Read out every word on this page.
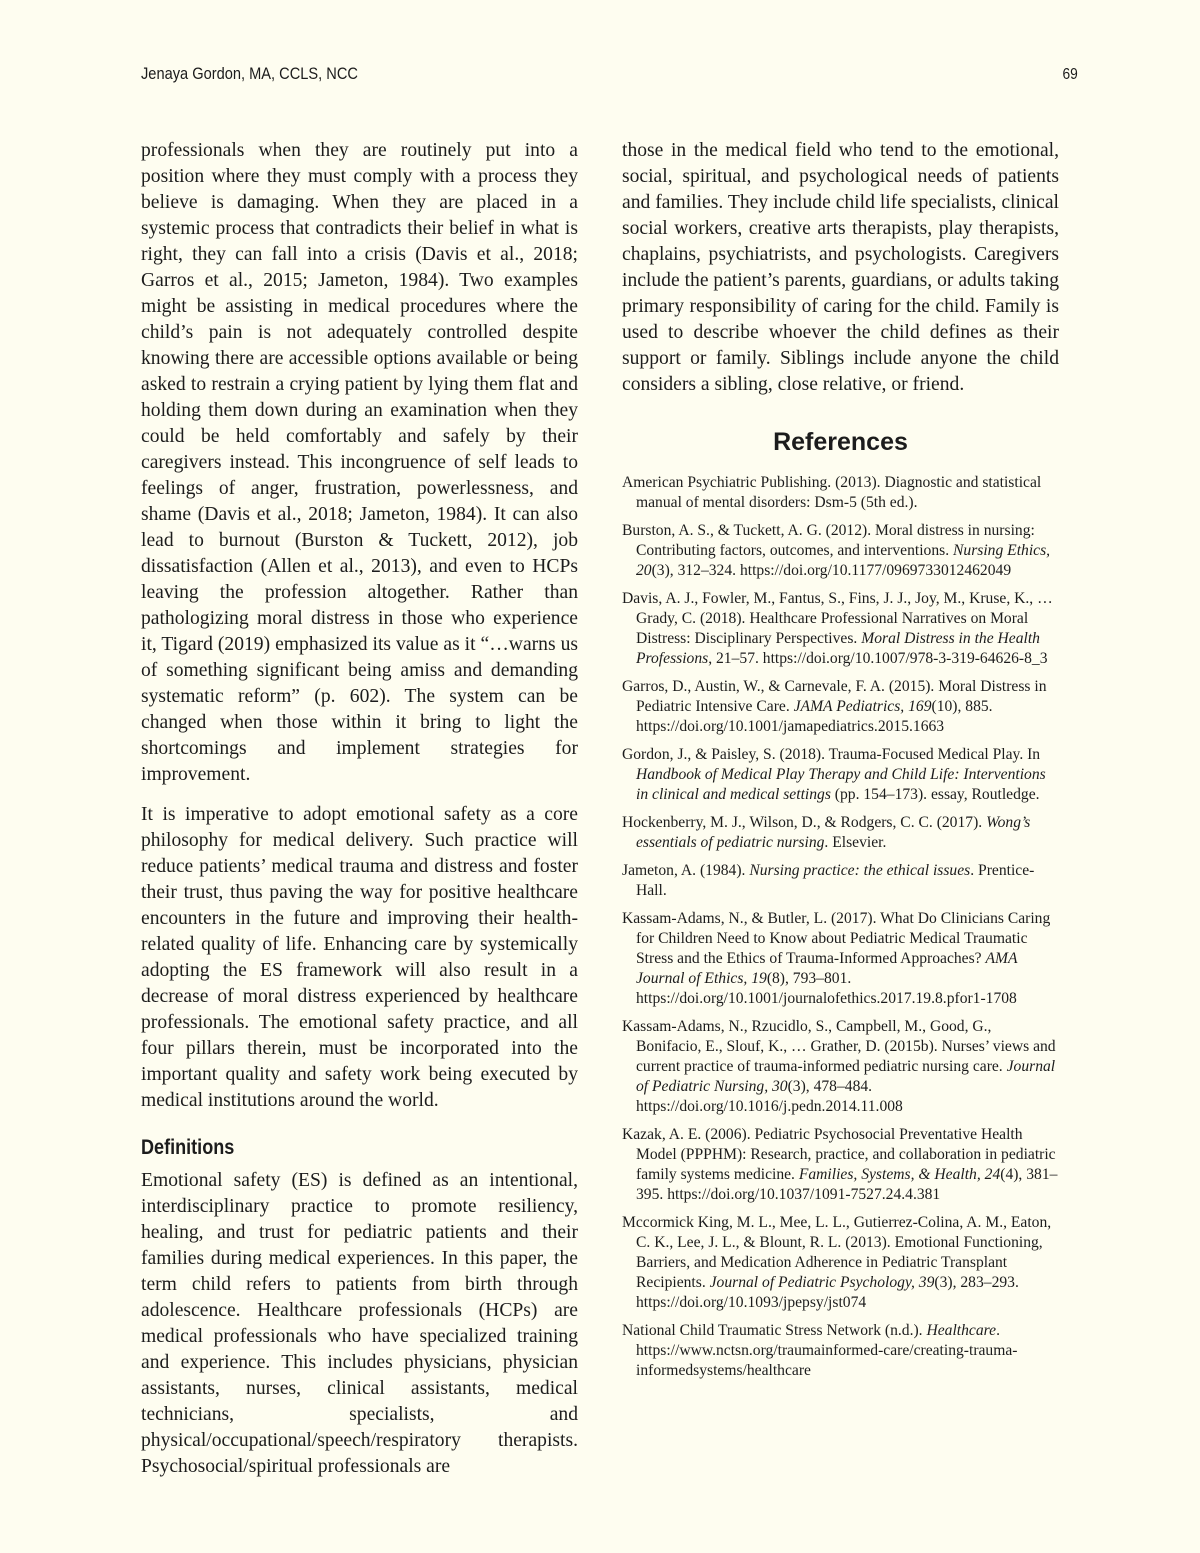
Jenaya Gordon, MA, CCLS, NCC	69

professionals when they are routinely put into a position where they must comply with a process they believe is damaging. When they are placed in a systemic process that contradicts their belief in what is right, they can fall into a crisis (Davis et al., 2018; Garros et al., 2015; Jameton, 1984). Two examples might be assisting in medical procedures where the child’s pain is not adequately controlled despite knowing there are accessible options available or being asked to restrain a crying patient by lying them flat and holding them down during an examination when they could be held comfortably and safely by their caregivers instead. This incongruence of self leads to feelings of anger, frustration, powerlessness, and shame (Davis et al., 2018; Jameton, 1984). It can also lead to burnout (Burston & Tuckett, 2012), job dissatisfaction (Allen et al., 2013), and even to HCPs leaving the profession altogether. Rather than pathologizing moral distress in those who experience it, Tigard (2019) emphasized its value as it “…warns us of something significant being amiss and demanding systematic reform” (p. 602). The system can be changed when those within it bring to light the shortcomings and implement strategies for improvement.

It is imperative to adopt emotional safety as a core philosophy for medical delivery. Such practice will reduce patients’ medical trauma and distress and foster their trust, thus paving the way for positive healthcare encounters in the future and improving their health-related quality of life. Enhancing care by systemically adopting the ES framework will also result in a decrease of moral distress experienced by healthcare professionals. The emotional safety practice, and all four pillars therein, must be incorporated into the important quality and safety work being executed by medical institutions around the world.

Definitions

Emotional safety (ES) is defined as an intentional, interdisciplinary practice to promote resiliency, healing, and trust for pediatric patients and their families during medical experiences. In this paper, the term child refers to patients from birth through adolescence. Healthcare professionals (HCPs) are medical professionals who have specialized training and experience. This includes physicians, physician assistants, nurses, clinical assistants, medical technicians, specialists, and physical/occupational/speech/respiratory therapists. Psychosocial/spiritual professionals are

those in the medical field who tend to the emotional, social, spiritual, and psychological needs of patients and families. They include child life specialists, clinical social workers, creative arts therapists, play therapists, chaplains, psychiatrists, and psychologists. Caregivers include the patient’s parents, guardians, or adults taking primary responsibility of caring for the child. Family is used to describe whoever the child defines as their support or family. Siblings include anyone the child considers a sibling, close relative, or friend.

References
American Psychiatric Publishing. (2013). Diagnostic and statistical manual of mental disorders: Dsm-5 (5th ed.).
Burston, A. S., & Tuckett, A. G. (2012). Moral distress in nursing: Contributing factors, outcomes, and interventions. Nursing Ethics, 20(3), 312–324. https://doi.org/10.1177/0969733012462049
Davis, A. J., Fowler, M., Fantus, S., Fins, J. J., Joy, M., Kruse, K., … Grady, C. (2018). Healthcare Professional Narratives on Moral Distress: Disciplinary Perspectives. Moral Distress in the Health Professions, 21–57. https://doi.org/10.1007/978-3-319-64626-8_3
Garros, D., Austin, W., & Carnevale, F. A. (2015). Moral Distress in Pediatric Intensive Care. JAMA Pediatrics, 169(10), 885. https://doi.org/10.1001/jamapediatrics.2015.1663
Gordon, J., & Paisley, S. (2018). Trauma-Focused Medical Play. In Handbook of Medical Play Therapy and Child Life: Interventions in clinical and medical settings (pp. 154–173). essay, Routledge.
Hockenberry, M. J., Wilson, D., & Rodgers, C. C. (2017). Wong’s essentials of pediatric nursing. Elsevier.
Jameton, A. (1984). Nursing practice: the ethical issues. Prentice-Hall.
Kassam-Adams, N., & Butler, L. (2017). What Do Clinicians Caring for Children Need to Know about Pediatric Medical Traumatic Stress and the Ethics of Trauma-Informed Approaches? AMA Journal of Ethics, 19(8), 793–801. https://doi.org/10.1001/journalofethics.2017.19.8.pfor1-1708
Kassam-Adams, N., Rzucidlo, S., Campbell, M., Good, G., Bonifacio, E., Slouf, K., … Grather, D. (2015b). Nurses’ views and current practice of trauma-informed pediatric nursing care. Journal of Pediatric Nursing, 30(3), 478–484. https://doi.org/10.1016/j.pedn.2014.11.008
Kazak, A. E. (2006). Pediatric Psychosocial Preventative Health Model (PPPHM): Research, practice, and collaboration in pediatric family systems medicine. Families, Systems, & Health, 24(4), 381–395. https://doi.org/10.1037/1091-7527.24.4.381
Mccormick King, M. L., Mee, L. L., Gutierrez-Colina, A. M., Eaton, C. K., Lee, J. L., & Blount, R. L. (2013). Emotional Functioning, Barriers, and Medication Adherence in Pediatric Transplant Recipients. Journal of Pediatric Psychology, 39(3), 283–293. https://doi.org/10.1093/jpepsy/jst074
National Child Traumatic Stress Network (n.d.). Healthcare. https://www.nctsn.org/traumainformed-care/creating-trauma-informedsystems/healthcare
